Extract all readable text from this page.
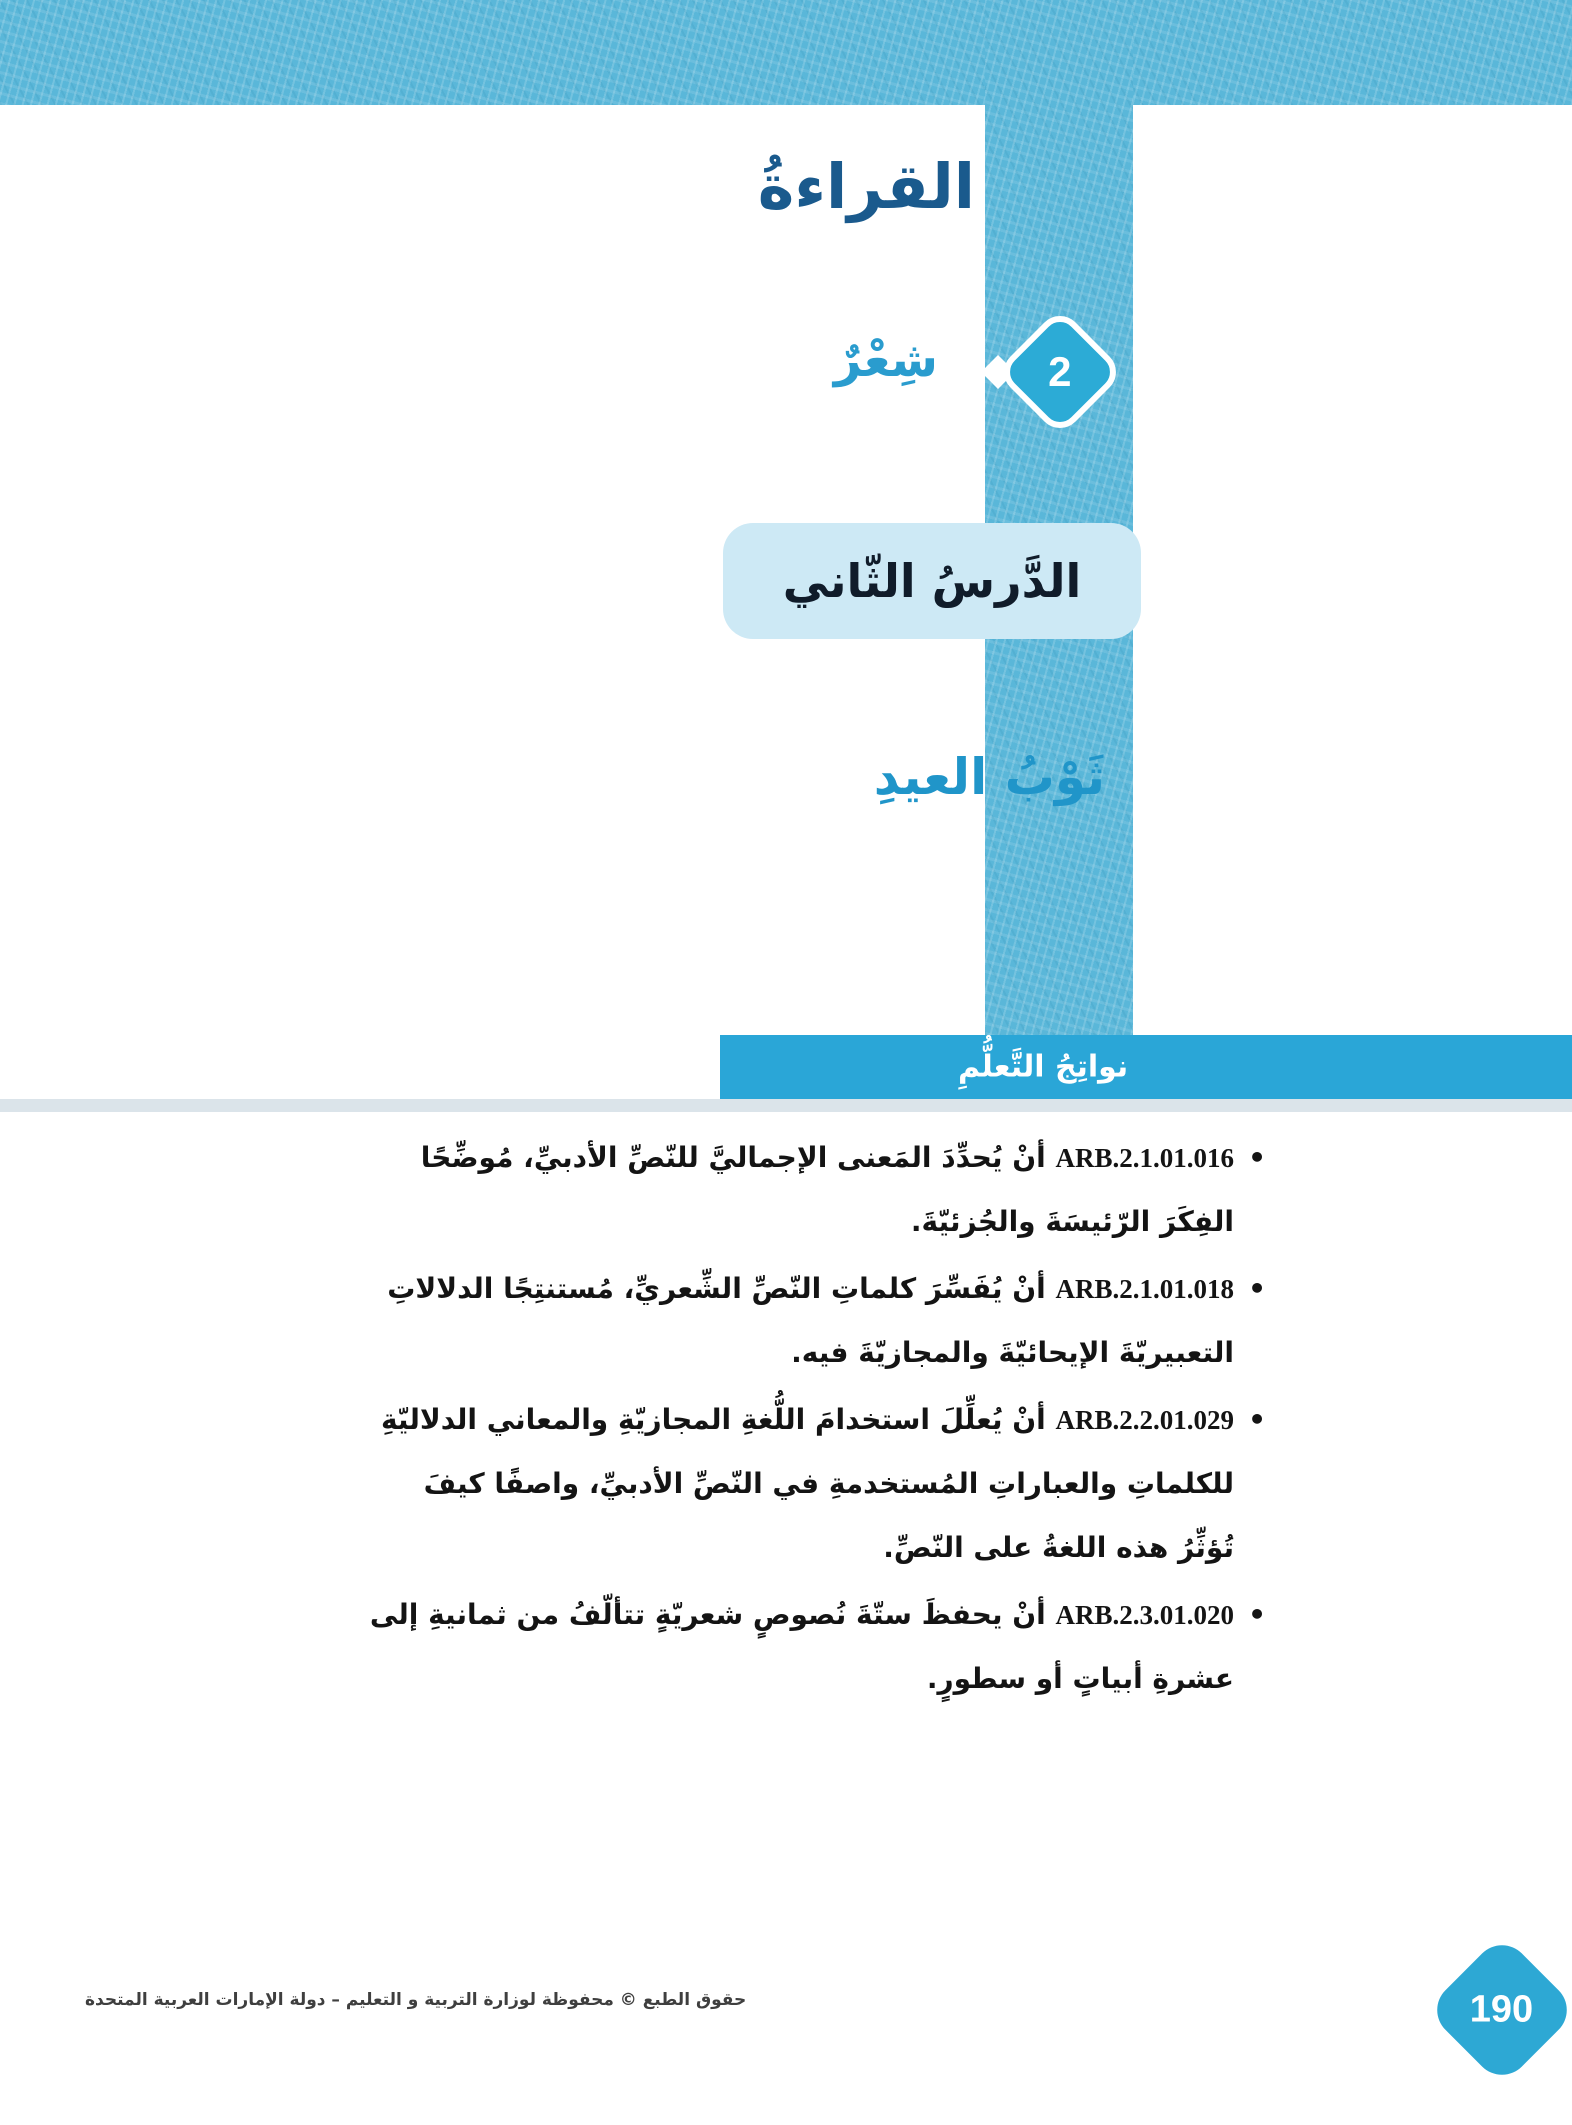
القراءةُ
2
شِعْرٌ
الدَّرسُ الثّاني
ثَوْبُ العيدِ
نواتِجُ التَّعلُّمِ
• ARB.2.1.01.016 أنْ يُحدِّدَ المَعنى الإجماليَّ للنّصِّ الأدبيِّ، مُوضِّحًا الفِكَرَ الرّئيسَةَ والجُزئيّةَ.
• ARB.2.1.01.018 أنْ يُفَسِّرَ كلماتِ النّصِّ الشِّعريِّ، مُستنتِجًا الدلالاتِ التعبيريّةَ الإيحائيّةَ والمجازيّةَ فيه.
• ARB.2.2.01.029 أنْ يُعلِّلَ استخدامَ اللُّغةِ المجازيّةِ والمعاني الدلاليّةِ للكلماتِ والعباراتِ المُستخدمةِ في النّصِّ الأدبيِّ، واصفًا كيفَ تُؤثِّرُ هذه اللغةُ على النّصِّ.
• ARB.2.3.01.020 أنْ يحفظَ ستّةَ نُصوصٍ شعريّةٍ تتألّفُ من ثمانيةِ إلى عشرةِ أبياتٍ أو سطورٍ.
حقوق الطبع © محفوظة لوزارة التربية و التعليم – دولة الإمارات العربية المتحدة	190
